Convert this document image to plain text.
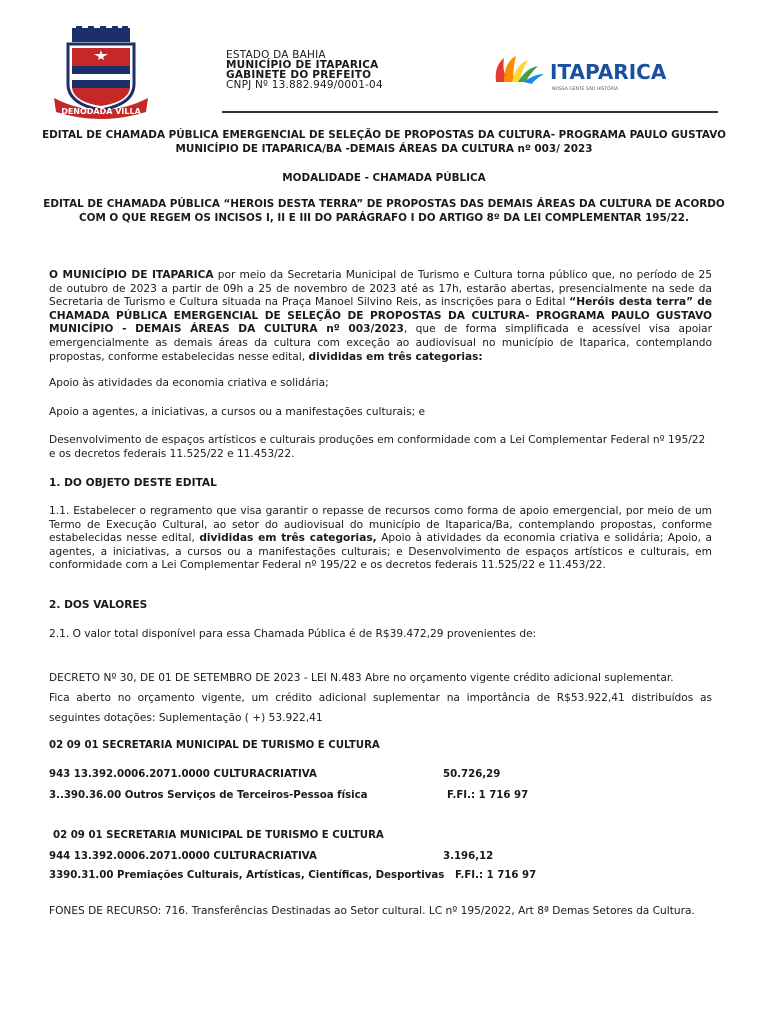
DENODADA VILLA
ESTADO DA BAHIA
MUNICÍPIO DE ITAPARICA
GABINETE DO PREFEITO
CNPJ Nº 13.882.949/0001-04
ITAPARICA
NOSSA GENTE SÃO HISTÓRIA
EDITAL DE CHAMADA PÚBLICA EMERGENCIAL DE SELEÇÃO DE PROPOSTAS DA CULTURA- PROGRAMA PAULO GUSTAVO
MUNICÍPIO DE ITAPARICA/BA -DEMAIS ÁREAS DA CULTURA nº 003/ 2023
MODALIDADE - CHAMADA PÚBLICA
EDITAL DE CHAMADA PÚBLICA “HEROIS DESTA TERRA” DE PROPOSTAS DAS DEMAIS ÁREAS DA CULTURA DE ACORDO
COM O QUE REGEM OS INCISOS I, II E III DO PARÁGRAFO I DO ARTIGO 8º DA LEI COMPLEMENTAR 195/22.
O MUNICÍPIO DE ITAPARICA por meio da Secretaria Municipal de Turismo e Cultura torna público que, no período de 25 de outubro de 2023 a partir de 09h a 25 de novembro de 2023 até as 17h, estarão abertas, presencialmente na sede da Secretaria de Turismo e Cultura situada na Praça Manoel Silvino Reis, as inscrições para o Edital “Heróis desta terra” de CHAMADA PÚBLICA EMERGENCIAL DE SELEÇÃO DE PROPOSTAS DA CULTURA- PROGRAMA PAULO GUSTAVO MUNICÍPIO - DEMAIS ÁREAS DA CULTURA nº 003/2023, que de forma simplificada e acessível visa apoiar emergencialmente as demais áreas da cultura com exceção ao audiovisual no município de Itaparica, contemplando propostas, conforme estabelecidas nesse edital, divididas em três categorias:
Apoio às atividades da economia criativa e solidária;
Apoio a agentes, a iniciativas, a cursos ou a manifestações culturais; e
Desenvolvimento de espaços artísticos e culturais produções em conformidade com a Lei Complementar Federal nº 195/22 e os decretos federais 11.525/22 e 11.453/22.
1. DO OBJETO DESTE EDITAL
1.1. Estabelecer o regramento que visa garantir o repasse de recursos como forma de apoio emergencial, por meio de um Termo de Execução Cultural, ao setor do audiovisual do município de Itaparica/Ba, contemplando propostas, conforme estabelecidas nesse edital, divididas em três categorias, Apoio à atividades da economia criativa e solidária; Apoio, a agentes, a iniciativas, a cursos ou a manifestações culturais; e Desenvolvimento de espaços artísticos e culturais, em conformidade com a Lei Complementar Federal nº 195/22 e os decretos federais 11.525/22 e 11.453/22.
2. DOS VALORES
2.1. O valor total disponível para essa Chamada Pública é de R$39.472,29 provenientes de:
DECRETO Nº 30, DE 01 DE SETEMBRO DE 2023 - LEI N.483 Abre no orçamento vigente crédito adicional suplementar.
Fica aberto no orçamento vigente, um crédito adicional suplementar na importância de R$53.922,41 distribuídos as seguintes dotações: Suplementação ( +) 53.922,41
02 09 01 SECRETARIA MUNICIPAL DE TURISMO E CULTURA
943 13.392.0006.2071.0000 CULTURACRIATIVA	50.726,29
3..390.36.00 Outros Serviços de Terceiros-Pessoa física	F.FI.: 1 716 97
02 09 01 SECRETARIA MUNICIPAL DE TURISMO E CULTURA
944 13.392.0006.2071.0000 CULTURACRIATIVA	3.196,12
3390.31.00 Premiações Culturais, Artísticas, Científicas, Desportivas F.FI.: 1 716 97
FONES DE RECURSO: 716. Transferências Destinadas ao Setor cultural. LC nº 195/2022, Art 8ª Demas Setores da Cultura.
